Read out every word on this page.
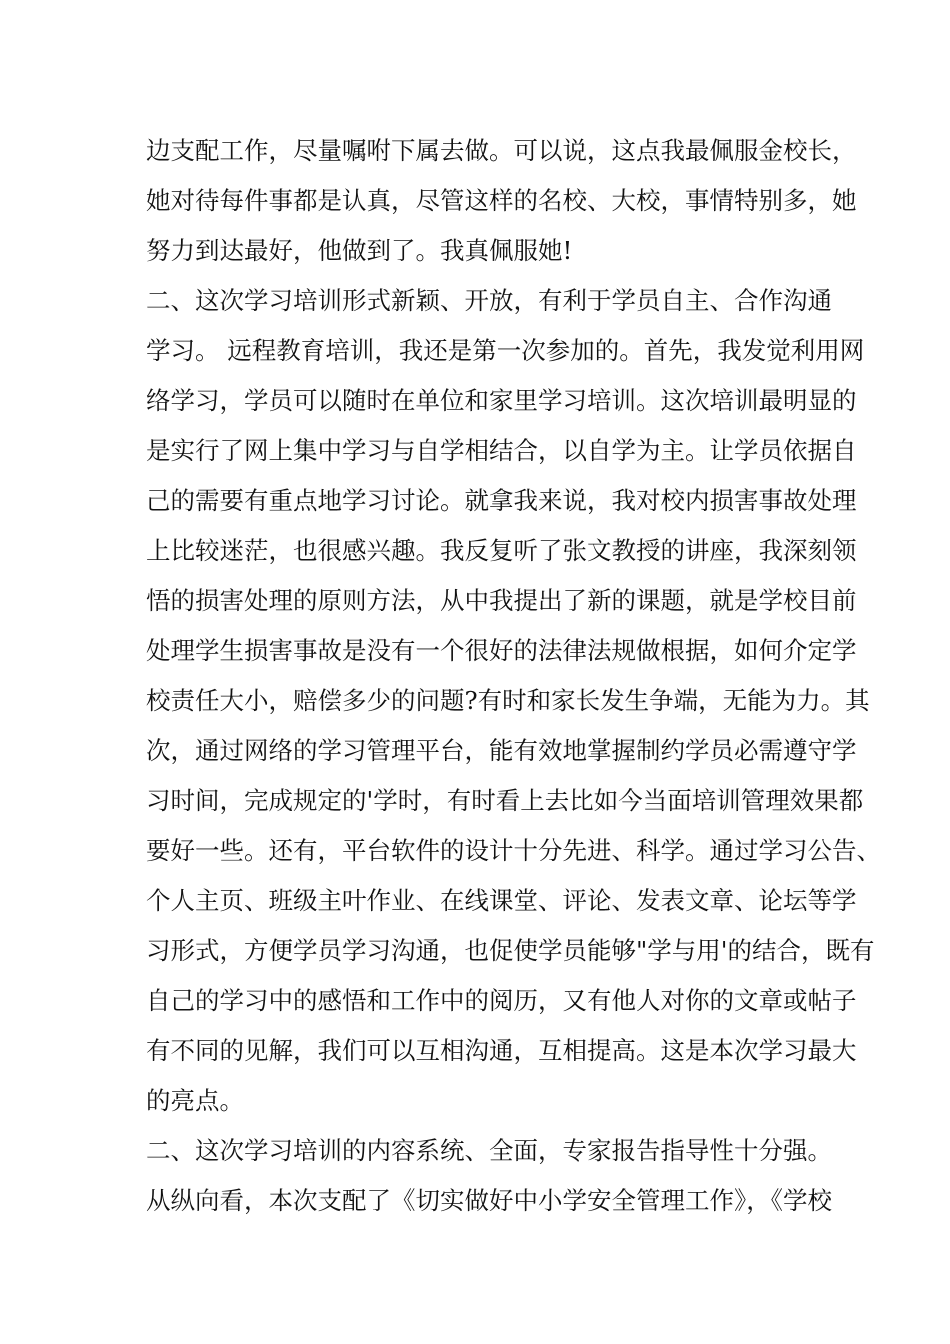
边支配工作，尽量嘱咐下属去做。可以说，这点我最佩服金校长，
她对待每件事都是认真，尽管这样的名校、大校，事情特别多，她
努力到达最好，他做到了。我真佩服她!
二、这次学习培训形式新颖、开放，有利于学员自主、合作沟通
学习。 远程教育培训，我还是第一次参加的。首先，我发觉利用网
络学习，学员可以随时在单位和家里学习培训。这次培训最明显的
是实行了网上集中学习与自学相结合，以自学为主。让学员依据自
己的需要有重点地学习讨论。就拿我来说，我对校内损害事故处理
上比较迷茫，也很感兴趣。我反复听了张文教授的讲座，我深刻领
悟的损害处理的原则方法，从中我提出了新的课题，就是学校目前
处理学生损害事故是没有一个很好的法律法规做根据，如何介定学
校责任大小，赔偿多少的问题?有时和家长发生争端，无能为力。其
次，通过网络的学习管理平台，能有效地掌握制约学员必需遵守学
习时间，完成规定的'学时，有时看上去比如今当面培训管理效果都
要好一些。还有，平台软件的设计十分先进、科学。通过学习公告、
个人主页、班级主叶作业、在线课堂、评论、发表文章、论坛等学
习形式，方便学员学习沟通，也促使学员能够"学与用'的结合，既有
自己的学习中的感悟和工作中的阅历，又有他人对你的文章或帖子
有不同的见解，我们可以互相沟通，互相提高。这是本次学习最大
的亮点。
二、这次学习培训的内容系统、全面，专家报告指导性十分强。
从纵向看，本次支配了《切实做好中小学安全管理工作》，《学校
